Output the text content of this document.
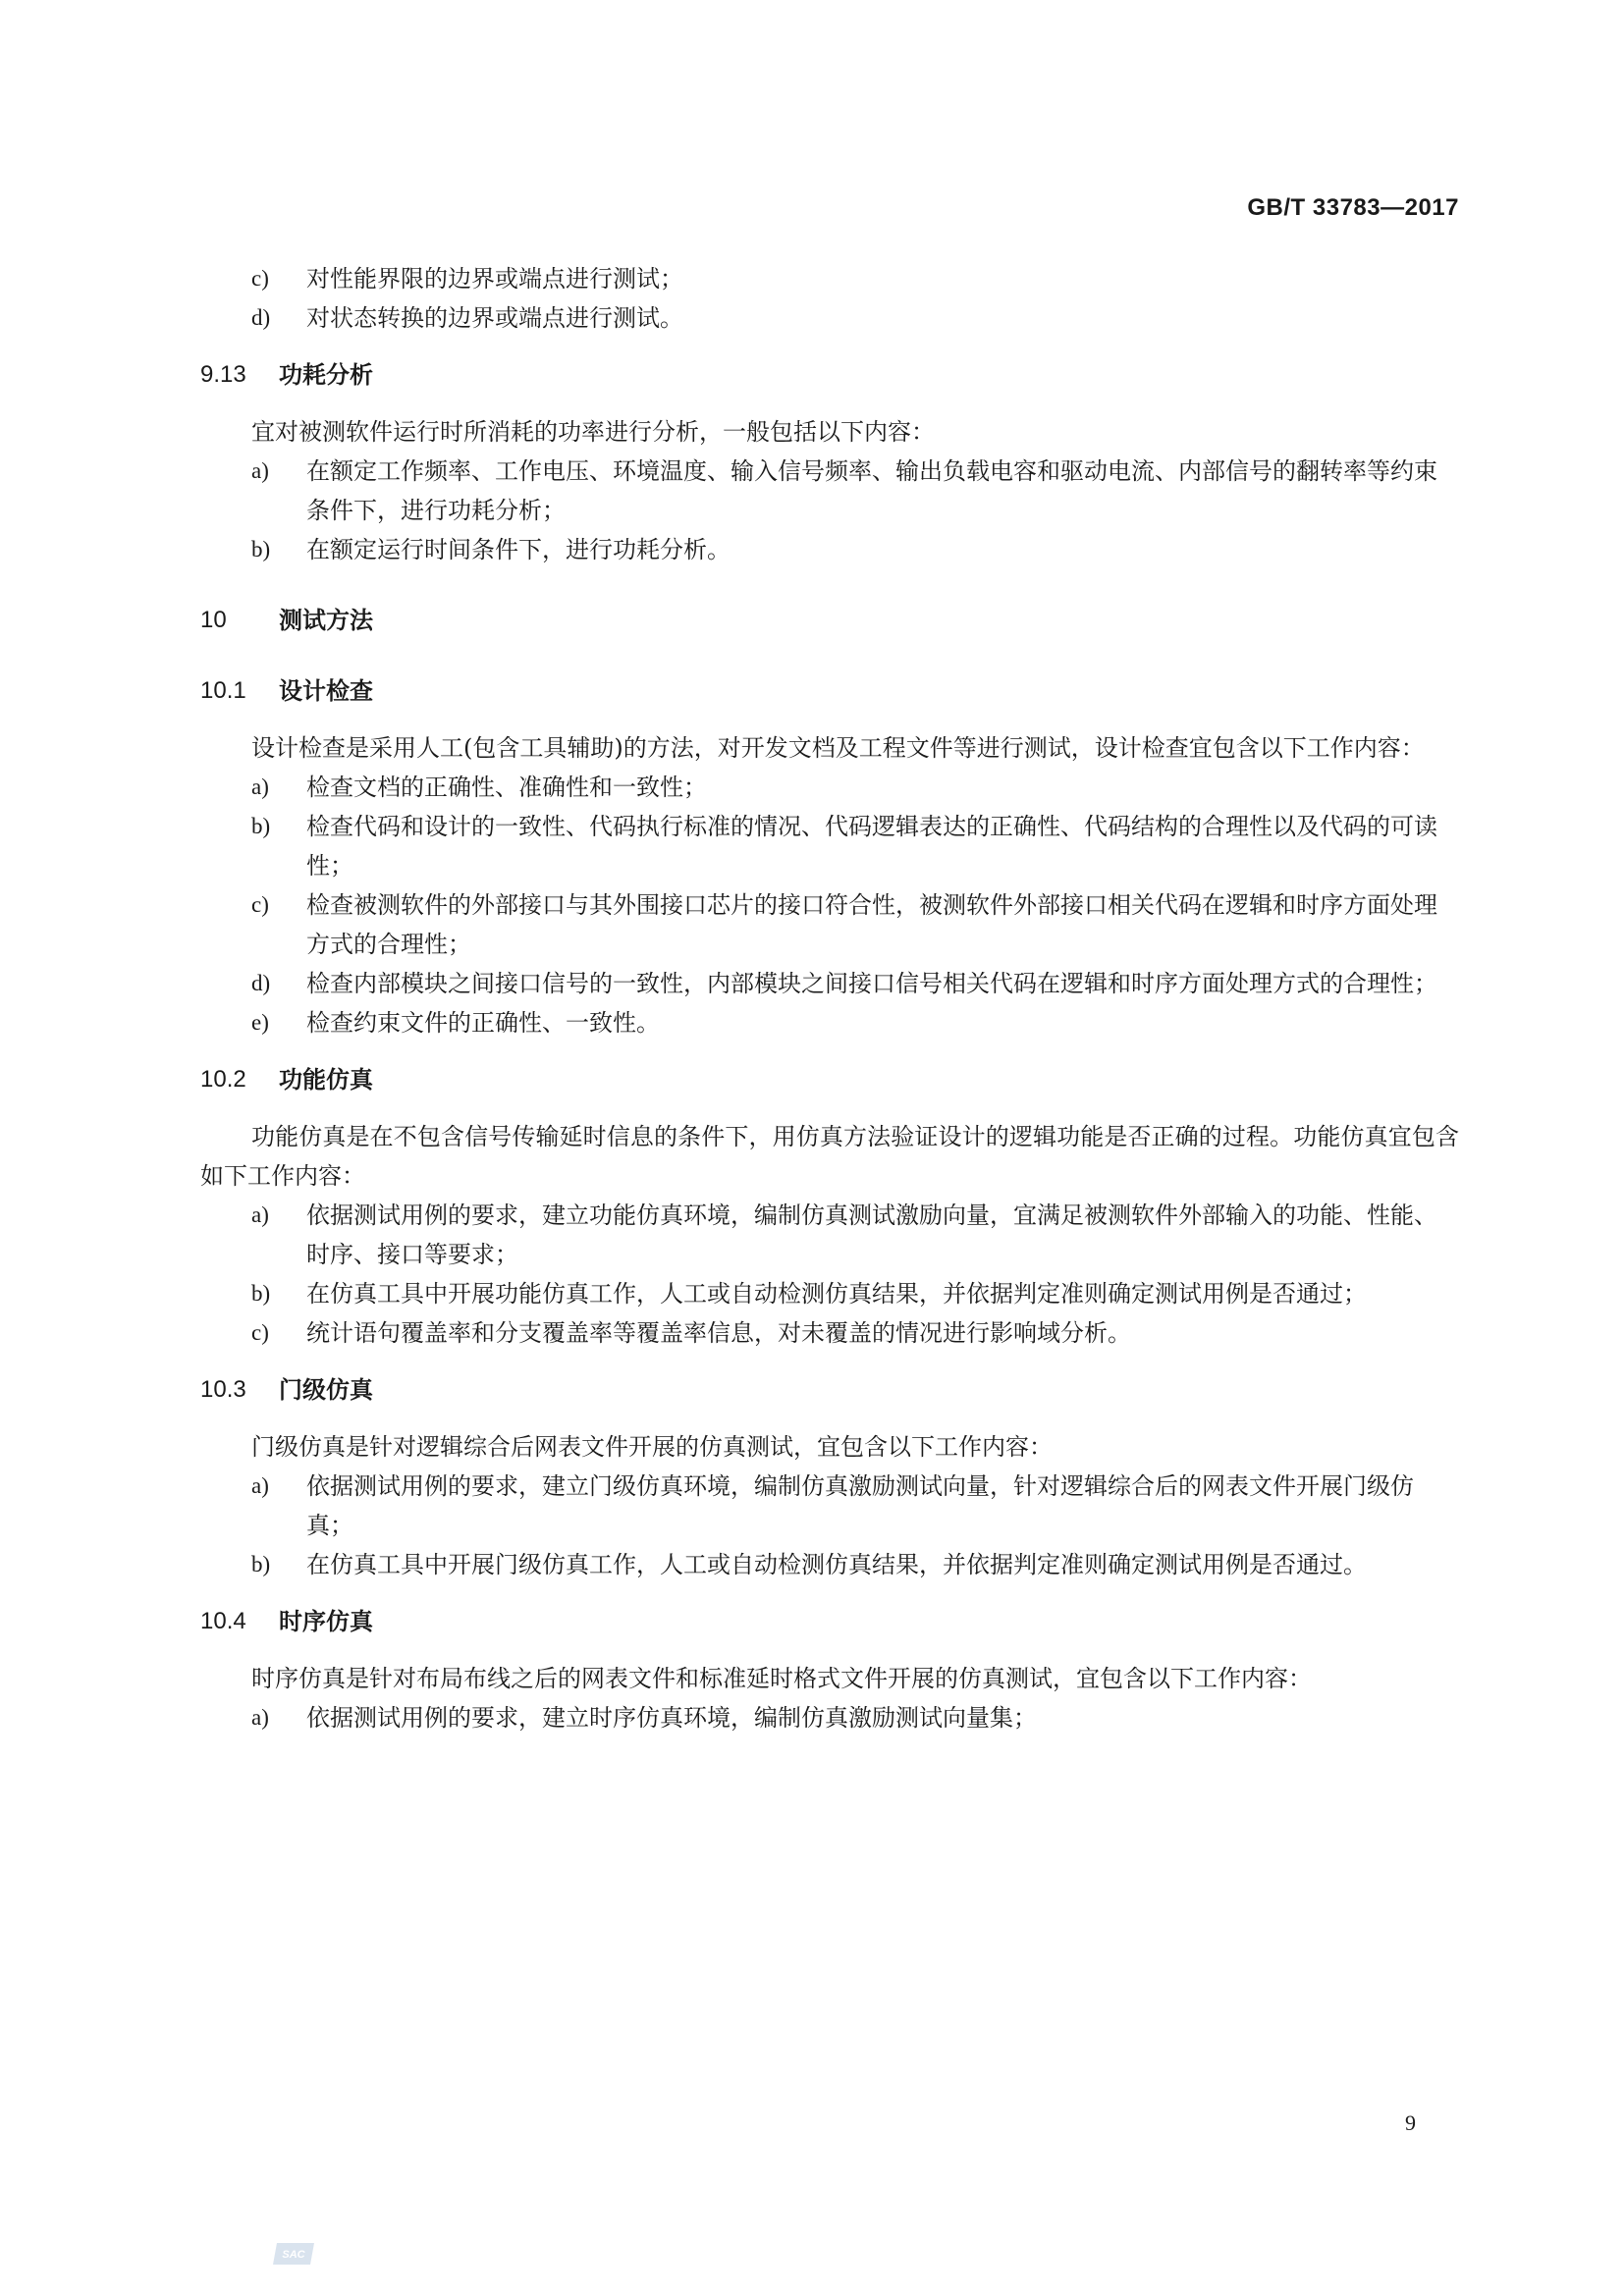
GB/T 33783—2017

c) 对性能界限的边界或端点进行测试；

d) 对状态转换的边界或端点进行测试。

9.13 功耗分析

宜对被测软件运行时所消耗的功率进行分析，一般包括以下内容：

a) 在额定工作频率、工作电压、环境温度、输入信号频率、输出负载电容和驱动电流、内部信号的翻转率等约束条件下，进行功耗分析；

b) 在额定运行时间条件下，进行功耗分析。

10 测试方法

10.1 设计检查

设计检查是采用人工(包含工具辅助)的方法，对开发文档及工程文件等进行测试，设计检查宜包含以下工作内容：

a) 检查文档的正确性、准确性和一致性；

b) 检查代码和设计的一致性、代码执行标准的情况、代码逻辑表达的正确性、代码结构的合理性以及代码的可读性；

c) 检查被测软件的外部接口与其外围接口芯片的接口符合性，被测软件外部接口相关代码在逻辑和时序方面处理方式的合理性；

d) 检查内部模块之间接口信号的一致性，内部模块之间接口信号相关代码在逻辑和时序方面处理方式的合理性；

e) 检查约束文件的正确性、一致性。

10.2 功能仿真

功能仿真是在不包含信号传输延时信息的条件下，用仿真方法验证设计的逻辑功能是否正确的过程。功能仿真宜包含如下工作内容：

a) 依据测试用例的要求，建立功能仿真环境，编制仿真测试激励向量，宜满足被测软件外部输入的功能、性能、时序、接口等要求；

b) 在仿真工具中开展功能仿真工作，人工或自动检测仿真结果，并依据判定准则确定测试用例是否通过；

c) 统计语句覆盖率和分支覆盖率等覆盖率信息，对未覆盖的情况进行影响域分析。

10.3 门级仿真

门级仿真是针对逻辑综合后网表文件开展的仿真测试，宜包含以下工作内容：

a) 依据测试用例的要求，建立门级仿真环境，编制仿真激励测试向量，针对逻辑综合后的网表文件开展门级仿真；

b) 在仿真工具中开展门级仿真工作，人工或自动检测仿真结果，并依据判定准则确定测试用例是否通过。

10.4 时序仿真

时序仿真是针对布局布线之后的网表文件和标准延时格式文件开展的仿真测试，宜包含以下工作内容：

a) 依据测试用例的要求，建立时序仿真环境，编制仿真激励测试向量集；

9
SAC
